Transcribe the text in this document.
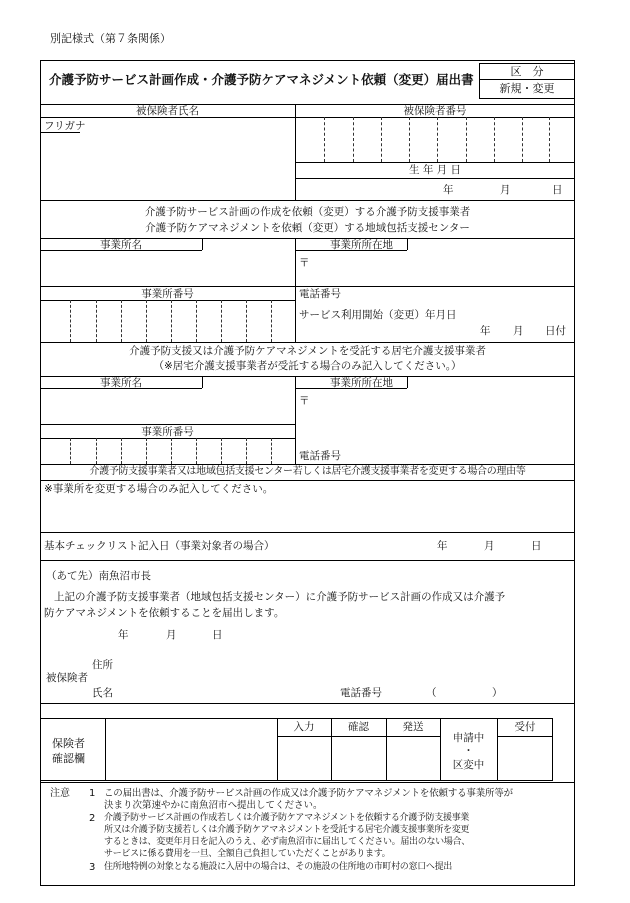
別記様式（第７条関係）
介護予防サービス計画作成・介護予防ケアマネジメント依頼（変更）届出書
区　分
新規・変更
被保険者氏名	被保険者番号
フリガナ
生 年 月 日
年	月	日
介護予防サービス計画の作成を依頼（変更）する介護予防支援事業者
介護予防ケアマネジメントを依頼（変更）する地域包括支援センター
事業所名	事業所所在地
〒
事業所番号	電話番号
サービス利用開始（変更）年月日
年 月 日付
介護予防支援又は介護予防ケアマネジメントを受託する居宅介護支援事業者
（※居宅介護支援事業者が受託する場合のみ記入してください。）
事業所名	事業所所在地
〒
事業所番号
電話番号
介護予防支援事業者又は地域包括支援センター若しくは居宅介護支援事業者を変更する場合の理由等
※事業所を変更する場合のみ記入してください。
基本チェックリスト記入日（事業対象者の場合）	年	月	日
（あて先）南魚沼市長
上記の介護予防支援事業者（地域包括支援センター）に介護予防サービス計画の作成又は介護予
防ケアマネジメントを依頼することを届出します。
年	月	日
被保険者
住所
氏名	電話番号	（	）
保険者
確認欄
入力	確認	発送
申請中
・
区変中
受付
注意 1 この届出書は、介護予防サービス計画の作成又は介護予防ケアマネジメントを依頼する事業所等が
決まり次第速やかに南魚沼市へ提出してください。
2 介護予防サービス計画の作成若しくは介護予防ケアマネジメントを依頼する介護予防支援事業
所又は介護予防支援若しくは介護予防ケアマネジメントを受託する居宅介護支援事業所を変更
するときは、変更年月日を記入のうえ、必ず南魚沼市に届出してください。届出のない場合、
サービスに係る費用を一旦、全額自己負担していただくことがあります。
3 住所地特例の対象となる施設に入居中の場合は、その施設の住所地の市町村の窓口へ提出
